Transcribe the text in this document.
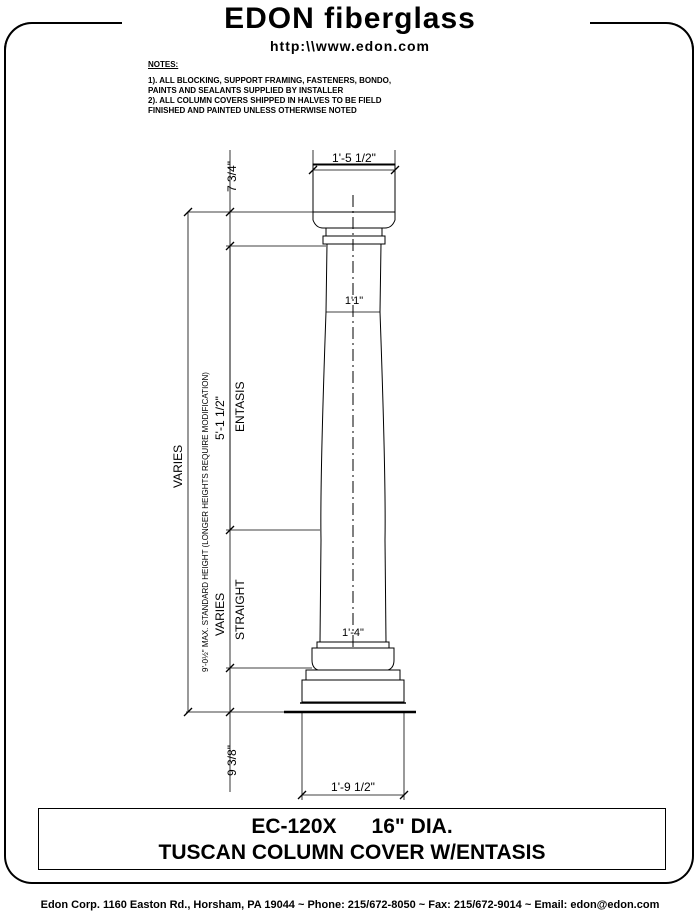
EDON fiberglass
http:\\www.edon.com
NOTES:
1). ALL BLOCKING, SUPPORT FRAMING, FASTENERS, BONDO,
PAINTS AND SEALANTS SUPPLIED BY INSTALLER
2). ALL COLUMN COVERS SHIPPED IN HALVES TO BE FIELD
FINISHED AND PAINTED UNLESS OTHERWISE NOTED
1'-5 1/2"
7 3/4"
1'1"
1'-4"
5'-1 1/2" ENTASIS
VARIES STRAIGHT
VARIES 9'-0½" MAX. STANDARD HEIGHT (LONGER HEIGHTS REQUIRE MODIFICATION)
9 3/8"
1'-9 1/2"
EC-120X      16" DIA.
TUSCAN COLUMN COVER W/ENTASIS
Edon Corp. 1160 Easton Rd., Horsham, PA 19044 ~ Phone: 215/672-8050 ~ Fax: 215/672-9014 ~ Email: edon@edon.com
